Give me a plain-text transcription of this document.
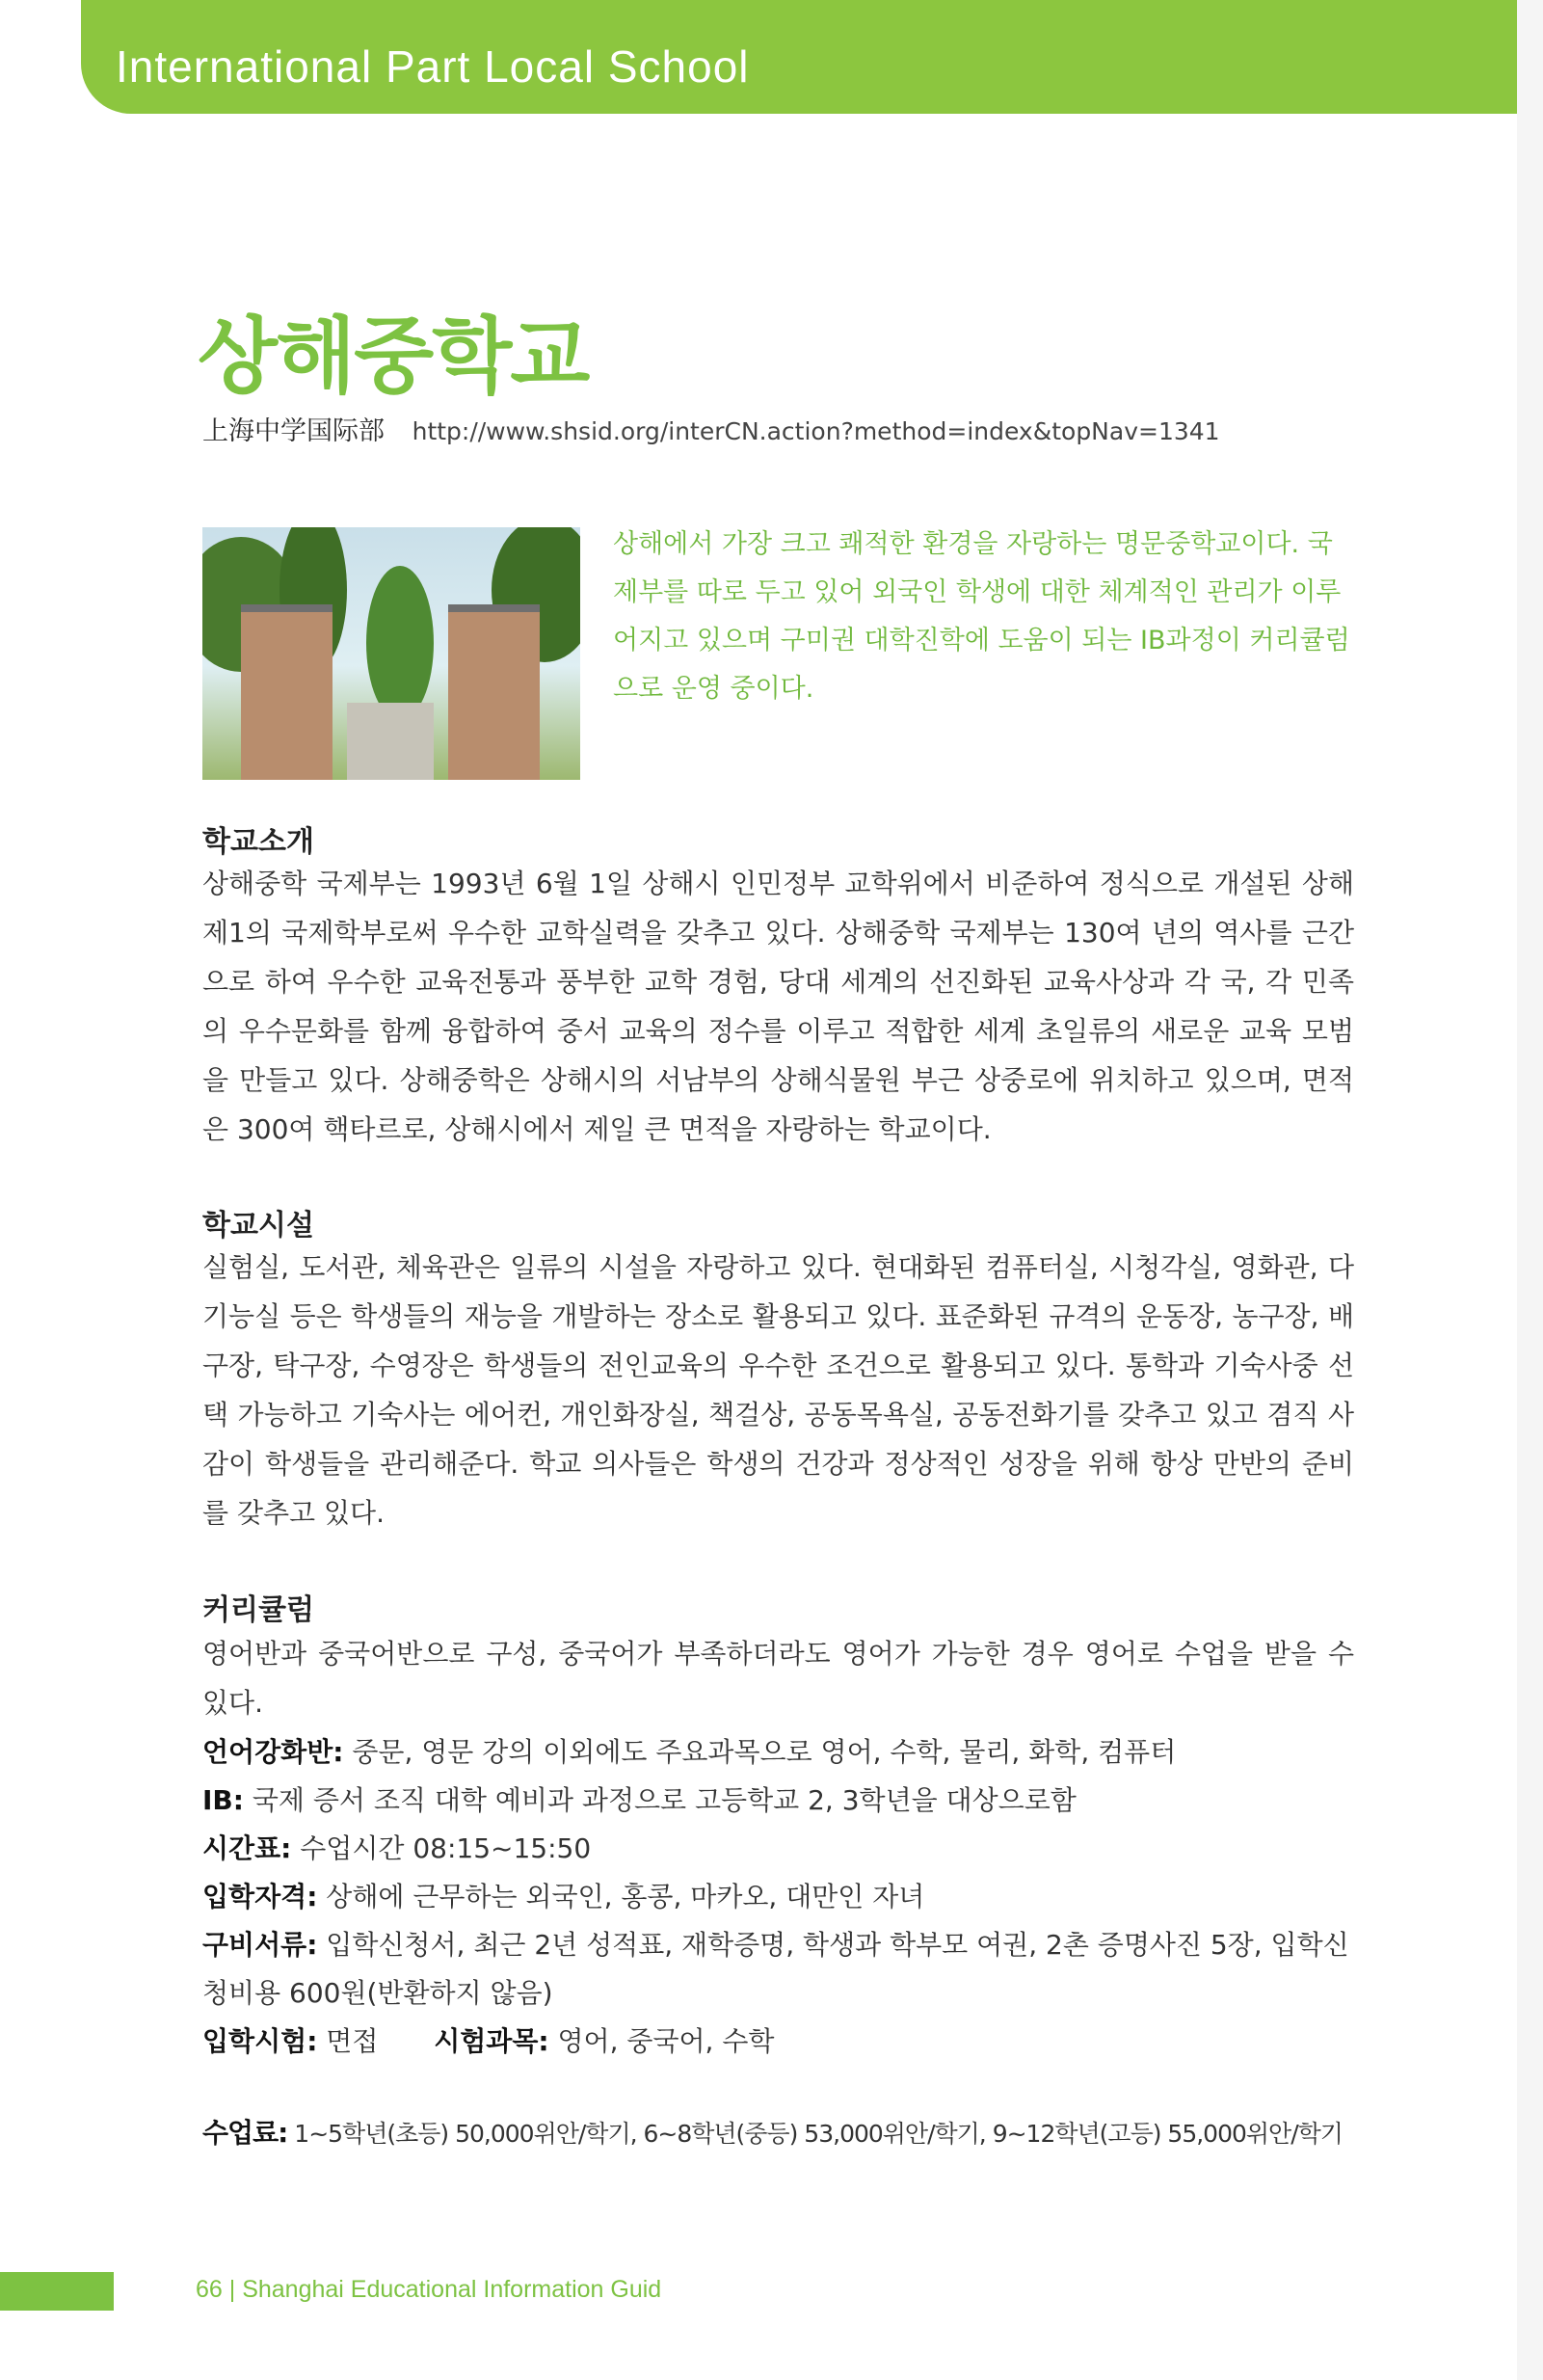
International Part Local School
상해중학교
上海中学国际部 http://www.shsid.org/interCN.action?method=index&topNav=1341
상해에서 가장 크고 쾌적한 환경을 자랑하는 명문중학교이다. 국제부를 따로 두고 있어 외국인 학생에 대한 체계적인 관리가 이루어지고 있으며 구미권 대학진학에 도움이 되는 IB과정이 커리큘럼으로 운영 중이다.
학교소개
상해중학 국제부는 1993년 6월 1일 상해시 인민정부 교학위에서 비준하여 정식으로 개설된 상해 제1의 국제학부로써 우수한 교학실력을 갖추고 있다. 상해중학 국제부는 130여 년의 역사를 근간으로 하여 우수한 교육전통과 풍부한 교학 경험, 당대 세계의 선진화된 교육사상과 각 국, 각 민족의 우수문화를 함께 융합하여 중서 교육의 정수를 이루고 적합한 세계 초일류의 새로운 교육 모범을 만들고 있다. 상해중학은 상해시의 서남부의 상해식물원 부근 상중로에 위치하고 있으며, 면적은 300여 핵타르로, 상해시에서 제일 큰 면적을 자랑하는 학교이다.
학교시설
실험실, 도서관, 체육관은 일류의 시설을 자랑하고 있다. 현대화된 컴퓨터실, 시청각실, 영화관, 다기능실 등은 학생들의 재능을 개발하는 장소로 활용되고 있다. 표준화된 규격의 운동장, 농구장, 배구장, 탁구장, 수영장은 학생들의 전인교육의 우수한 조건으로 활용되고 있다. 통학과 기숙사중 선택 가능하고 기숙사는 에어컨, 개인화장실, 책걸상, 공동목욕실, 공동전화기를 갖추고 있고 겸직 사감이 학생들을 관리해준다. 학교 의사들은 학생의 건강과 정상적인 성장을 위해 항상 만반의 준비를 갖추고 있다.
커리큘럼
영어반과 중국어반으로 구성, 중국어가 부족하더라도 영어가 가능한 경우 영어로 수업을 받을 수 있다.
언어강화반: 중문, 영문 강의 이외에도 주요과목으로 영어, 수학, 물리, 화학, 컴퓨터
IB: 국제 증서 조직 대학 예비과 과정으로 고등학교 2, 3학년을 대상으로함
시간표: 수업시간 08:15~15:50
입학자격: 상해에 근무하는 외국인, 홍콩, 마카오, 대만인 자녀
구비서류: 입학신청서, 최근 2년 성적표, 재학증명, 학생과 학부모 여권, 2촌 증명사진 5장, 입학신청비용 600원(반환하지 않음)
입학시험: 면접 시험과목: 영어, 중국어, 수학
수업료: 1~5학년(초등) 50,000위안/학기, 6~8학년(중등) 53,000위안/학기, 9~12학년(고등) 55,000위안/학기
66 | Shanghai Educational Information Guid
